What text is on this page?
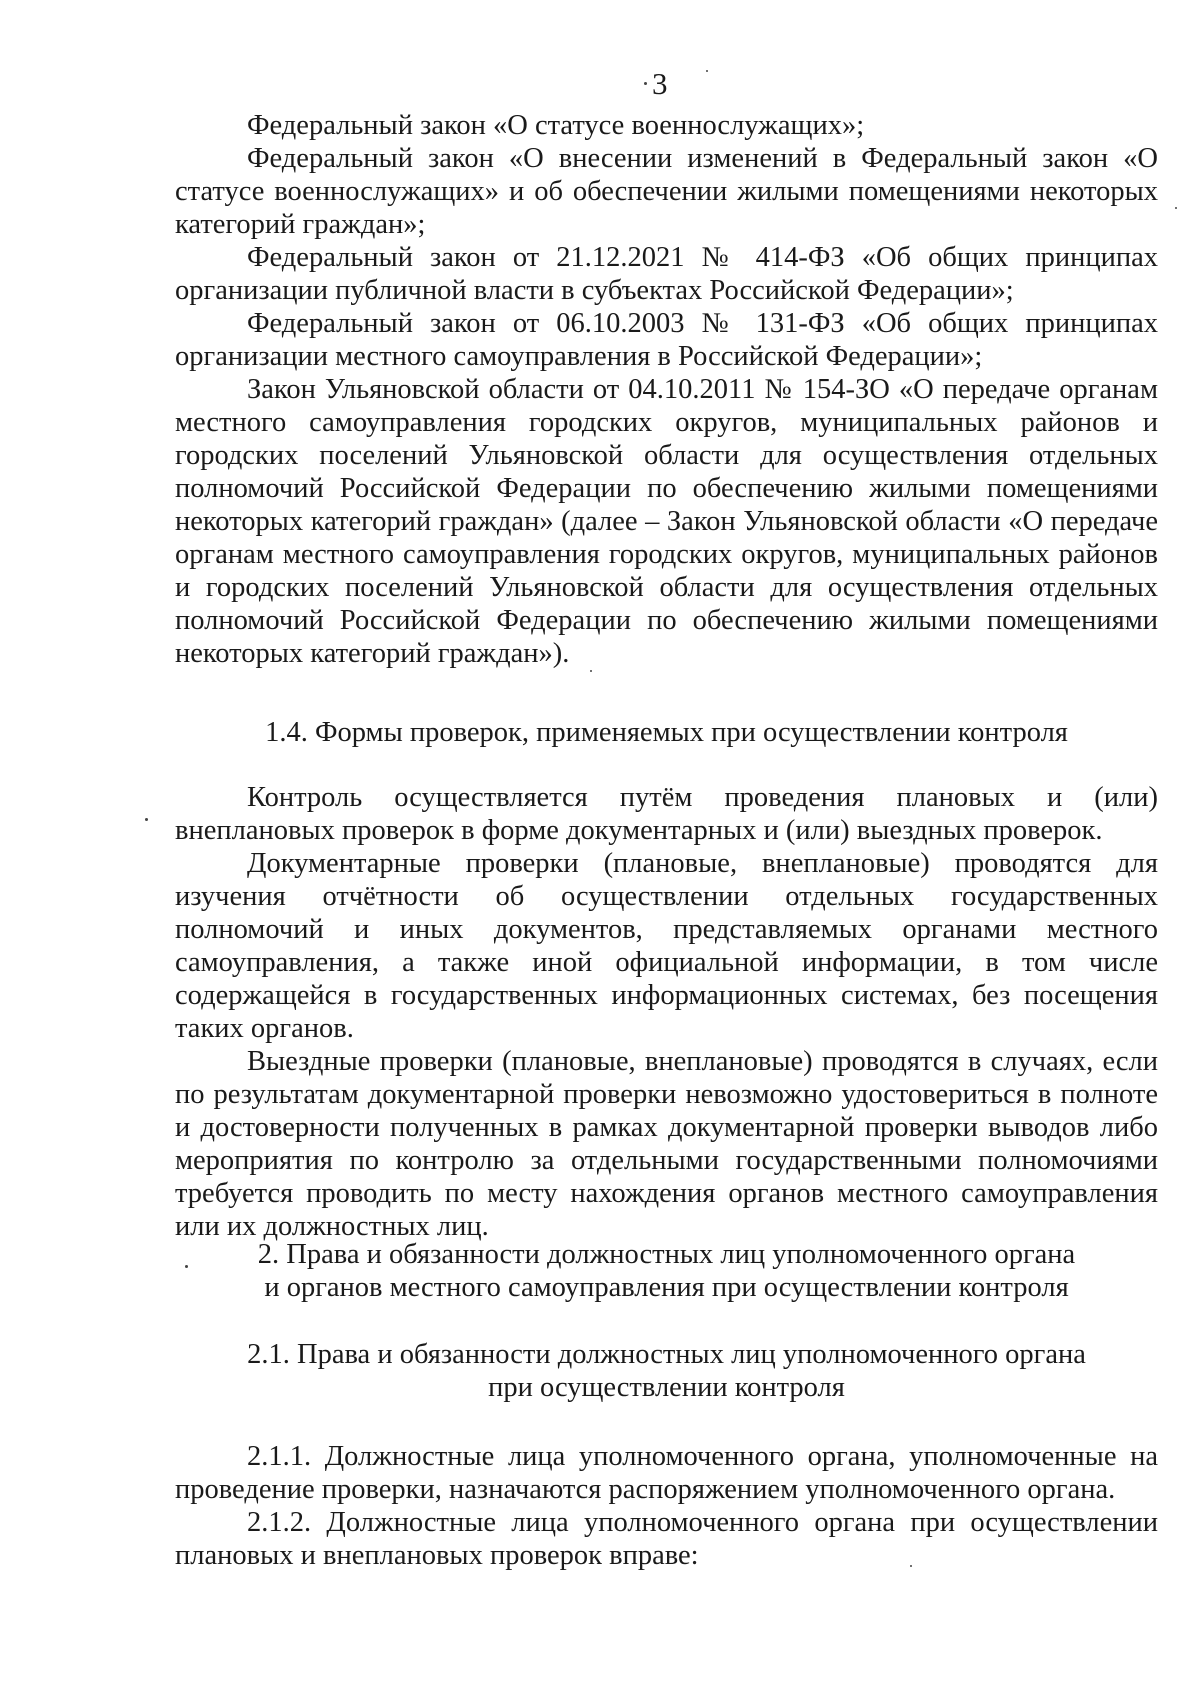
3

Федеральный закон «О статусе военнослужащих»;

Федеральный закон «О внесении изменений в Федеральный закон «О статусе военнослужащих» и об обеспечении жилыми помещениями некоторых категорий граждан»;

Федеральный закон от 21.12.2021 № 414-ФЗ «Об общих принципах организации публичной власти в субъектах Российской Федерации»;

Федеральный закон от 06.10.2003 № 131-ФЗ «Об общих принципах организации местного самоуправления в Российской Федерации»;

Закон Ульяновской области от 04.10.2011 № 154-ЗО «О передаче органам местного самоуправления городских округов, муниципальных районов и городских поселений Ульяновской области для осуществления отдельных полномочий Российской Федерации по обеспечению жилыми помещениями некоторых категорий граждан» (далее – Закон Ульяновской области «О передаче органам местного самоуправления городских округов, муниципальных районов и городских поселений Ульяновской области для осуществления отдельных полномочий Российской Федерации по обеспечению жилыми помещениями некоторых категорий граждан»).

1.4. Формы проверок, применяемых при осуществлении контроля

Контроль осуществляется путём проведения плановых и (или) внеплановых проверок в форме документарных и (или) выездных проверок.

Документарные проверки (плановые, внеплановые) проводятся для изучения отчётности об осуществлении отдельных государственных полномочий и иных документов, представляемых органами местного самоуправления, а также иной официальной информации, в том числе содержащейся в государственных информационных системах, без посещения таких органов.

Выездные проверки (плановые, внеплановые) проводятся в случаях, если по результатам документарной проверки невозможно удостовериться в полноте и достоверности полученных в рамках документарной проверки выводов либо мероприятия по контролю за отдельными государственными полномочиями требуется проводить по месту нахождения органов местного самоуправления или их должностных лиц.

2. Права и обязанности должностных лиц уполномоченного органа

и органов местного самоуправления при осуществлении контроля

2.1. Права и обязанности должностных лиц уполномоченного органа

при осуществлении контроля

2.1.1. Должностные лица уполномоченного органа, уполномоченные на проведение проверки, назначаются распоряжением уполномоченного органа.

2.1.2. Должностные лица уполномоченного органа при осуществлении плановых и внеплановых проверок вправе:
